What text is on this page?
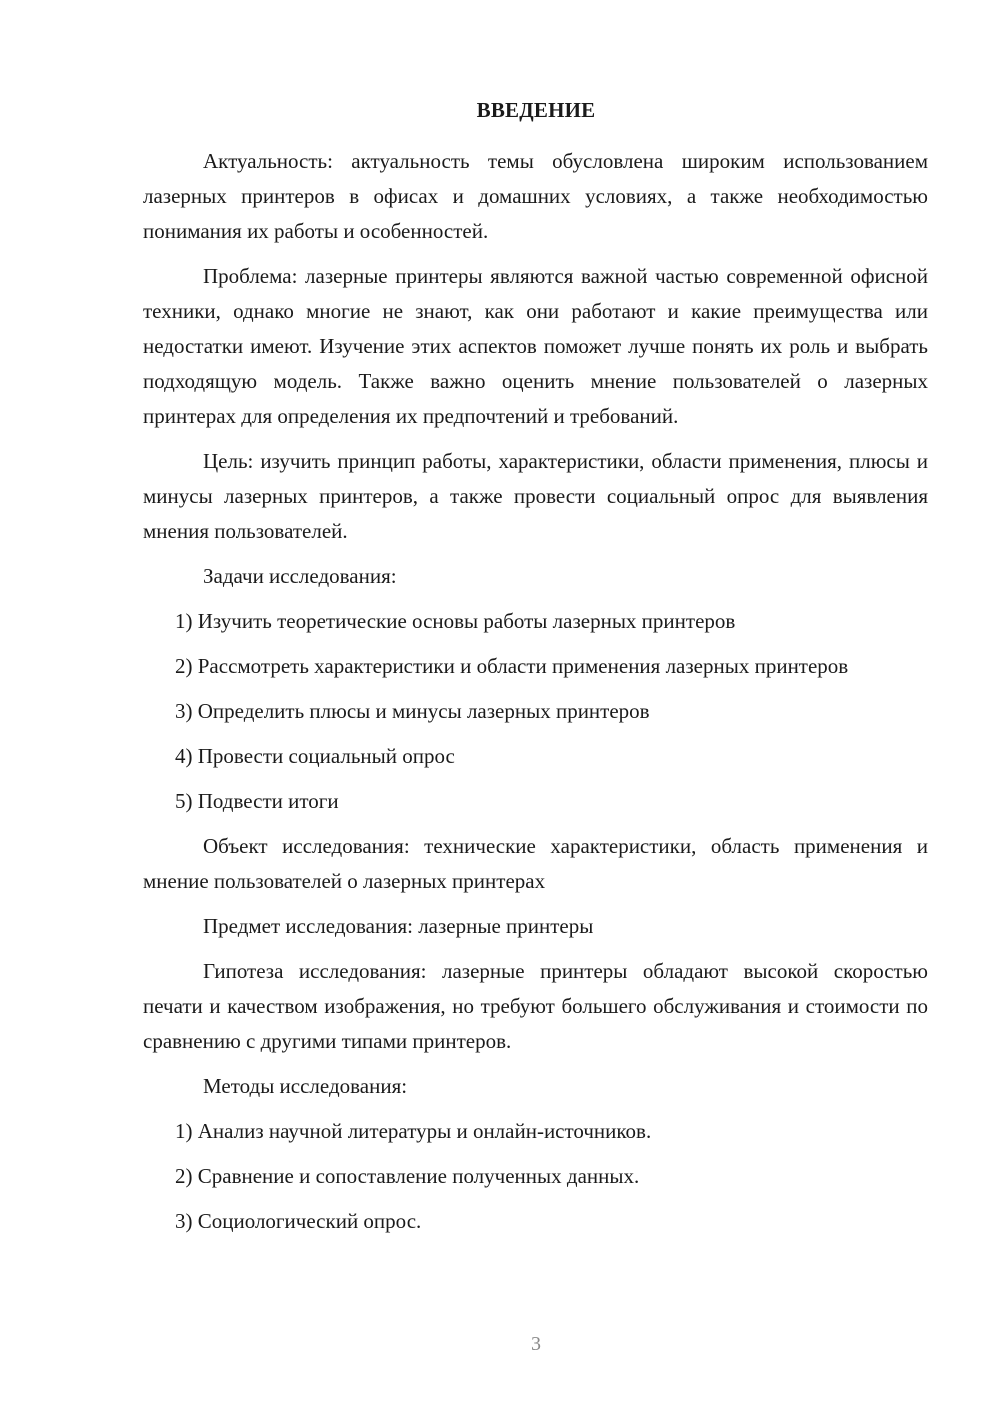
ВВЕДЕНИЕ

Актуальность: актуальность темы обусловлена широким использованием лазерных принтеров в офисах и домашних условиях, а также необходимостью понимания их работы и особенностей.

Проблема: лазерные принтеры являются важной частью современной офисной техники, однако многие не знают, как они работают и какие преимущества или недостатки имеют. Изучение этих аспектов поможет лучше понять их роль и выбрать подходящую модель. Также важно оценить мнение пользователей о лазерных принтерах для определения их предпочтений и требований.

Цель: изучить принцип работы, характеристики, области применения, плюсы и минусы лазерных принтеров, а также провести социальный опрос для выявления мнения пользователей.

Задачи исследования:

1) Изучить теоретические основы работы лазерных принтеров

2) Рассмотреть характеристики и области применения лазерных принтеров

3) Определить плюсы и минусы лазерных принтеров

4) Провести социальный опрос

5) Подвести итоги

Объект исследования: технические характеристики, область применения и мнение пользователей о лазерных принтерах

Предмет исследования: лазерные принтеры

Гипотеза исследования: лазерные принтеры обладают высокой скоростью печати и качеством изображения, но требуют большего обслуживания и стоимости по сравнению с другими типами принтеров.

Методы исследования:

1) Анализ научной литературы и онлайн-источников.

2) Сравнение и сопоставление полученных данных.

3) Социологический опрос.

3
